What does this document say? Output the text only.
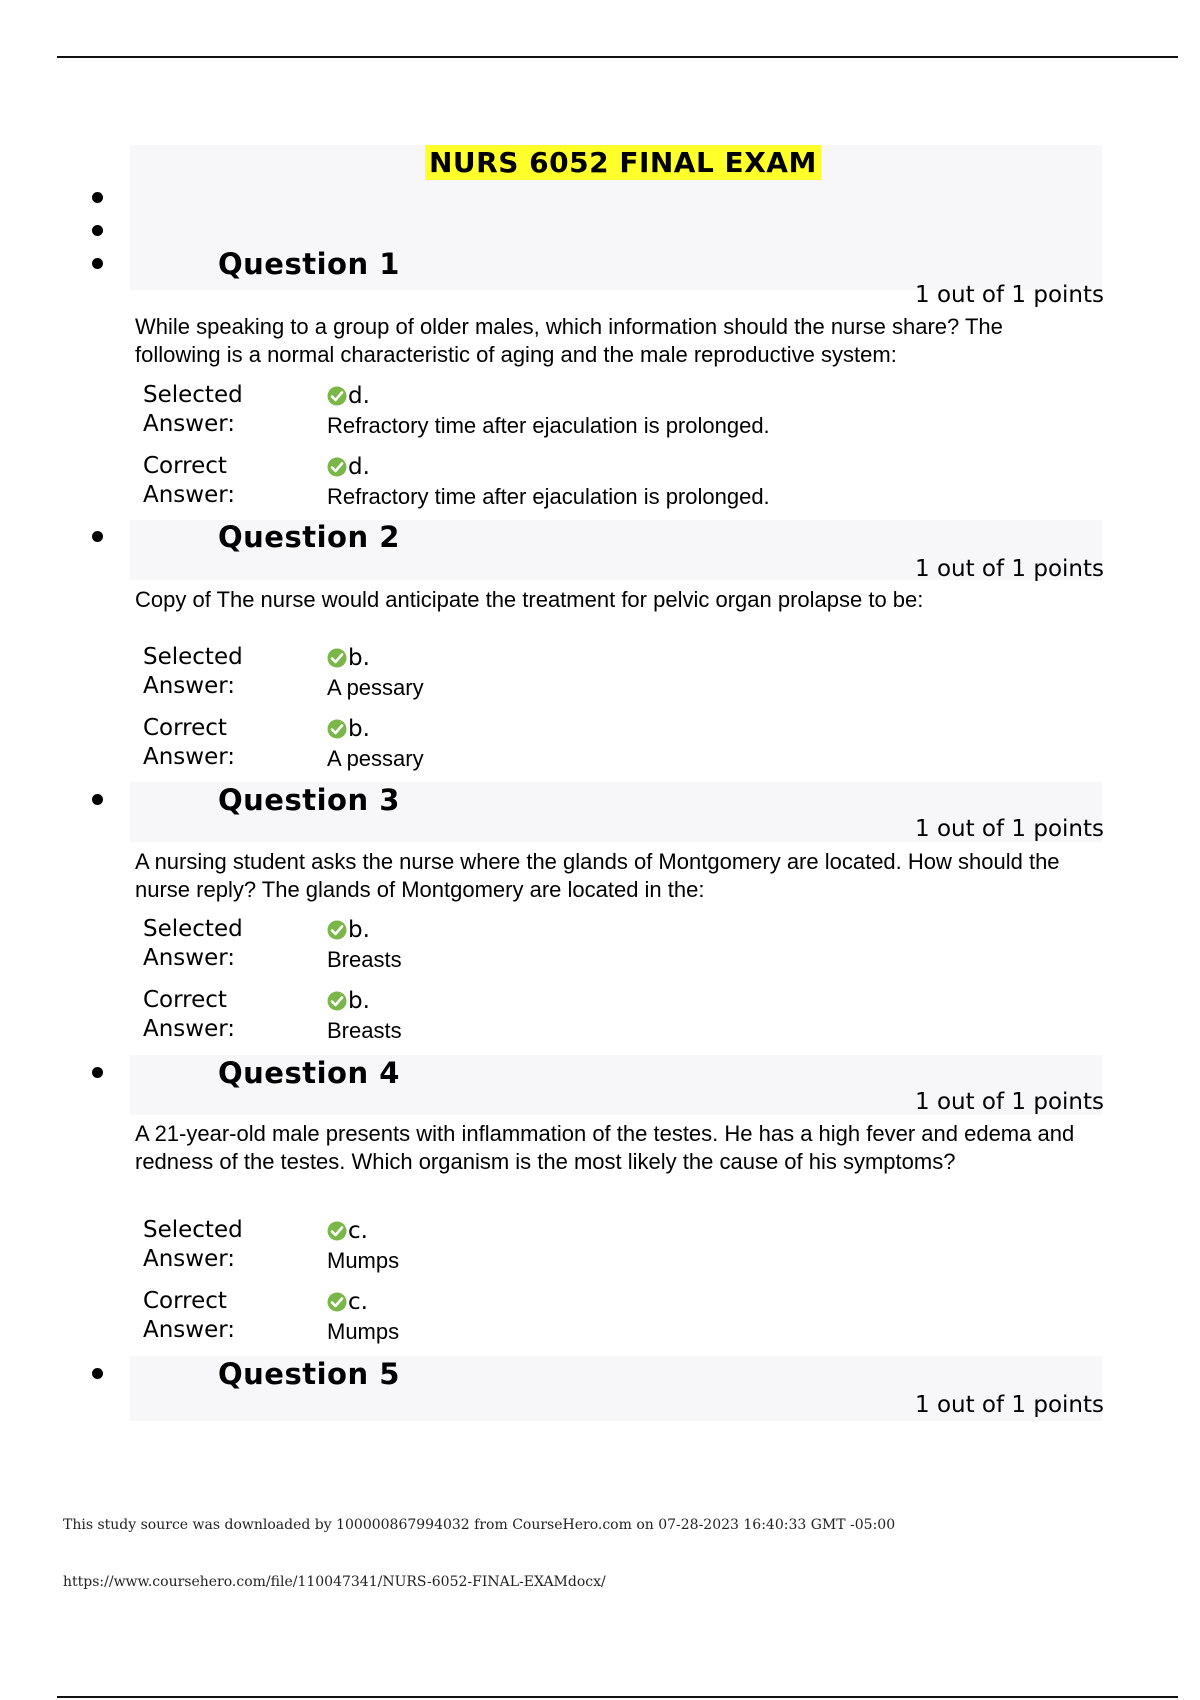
NURS 6052 FINAL EXAM
Question 1
1 out of 1 points
While speaking to a group of older males, which information should the nurse share? The following is a normal characteristic of aging and the male reproductive system:
Selected
Answer:
d.
Refractory time after ejaculation is prolonged.
Correct
Answer:
d.
Refractory time after ejaculation is prolonged.
Question 2
1 out of 1 points
Copy of The nurse would anticipate the treatment for pelvic organ prolapse to be:
Selected
Answer:
b.
A pessary
Correct
Answer:
b.
A pessary
Question 3
1 out of 1 points
A nursing student asks the nurse where the glands of Montgomery are located. How should the nurse reply? The glands of Montgomery are located in the:
Selected
Answer:
b.
Breasts
Correct
Answer:
b.
Breasts
Question 4
1 out of 1 points
A 21-year-old male presents with inflammation of the testes. He has a high fever and edema and redness of the testes. Which organism is the most likely the cause of his symptoms?
Selected
Answer:
c.
Mumps
Correct
Answer:
c.
Mumps
Question 5
1 out of 1 points
This study source was downloaded by 100000867994032 from CourseHero.com on 07-28-2023 16:40:33 GMT -05:00
https://www.coursehero.com/file/110047341/NURS-6052-FINAL-EXAMdocx/
